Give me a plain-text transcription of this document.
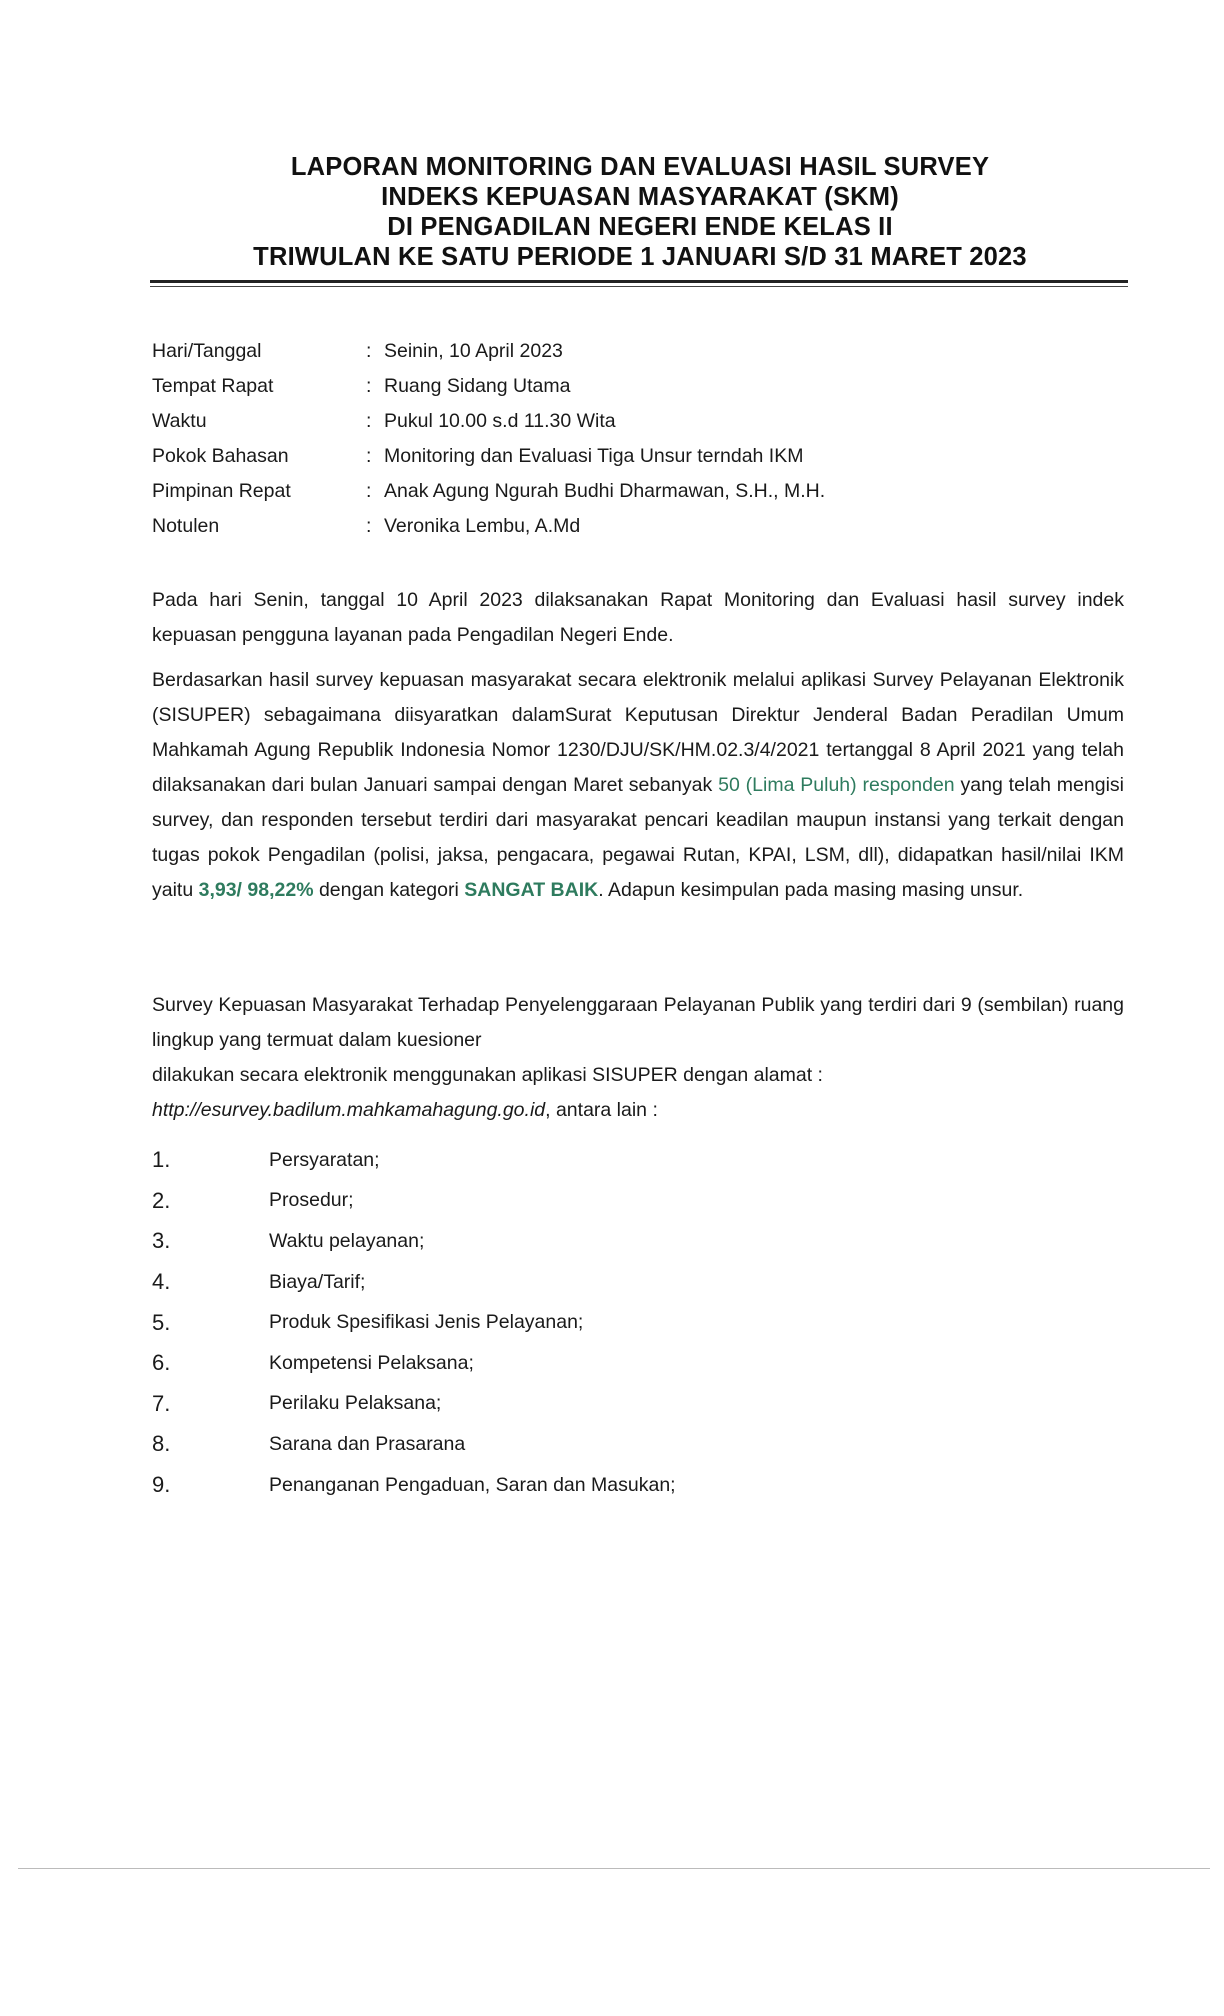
LAPORAN MONITORING DAN EVALUASI HASIL SURVEY
INDEKS KEPUASAN MASYARAKAT (SKM)
DI PENGADILAN NEGERI ENDE KELAS II
TRIWULAN KE SATU PERIODE 1 JANUARI S/D 31 MARET 2023
Hari/Tanggal	: Seinin, 10 April 2023
Tempat Rapat	: Ruang Sidang Utama
Waktu	: Pukul 10.00 s.d 11.30 Wita
Pokok Bahasan	: Monitoring dan Evaluasi Tiga Unsur terndah IKM
Pimpinan Repat	: Anak Agung Ngurah Budhi Dharmawan, S.H., M.H.
Notulen	: Veronika Lembu, A.Md
Pada hari Senin, tanggal 10 April 2023 dilaksanakan Rapat Monitoring dan Evaluasi hasil survey indek kepuasan pengguna layanan pada Pengadilan Negeri Ende.
Berdasarkan hasil survey kepuasan masyarakat secara elektronik melalui aplikasi Survey Pelayanan Elektronik (SISUPER) sebagaimana diisyaratkan dalamSurat Keputusan Direktur Jenderal Badan Peradilan Umum Mahkamah Agung Republik Indonesia Nomor 1230/DJU/SK/HM.02.3/4/2021 tertanggal 8 April 2021 yang telah dilaksanakan dari bulan Januari sampai dengan Maret sebanyak 50 (Lima Puluh) responden yang telah mengisi survey, dan responden tersebut terdiri dari masyarakat pencari keadilan maupun instansi yang terkait dengan tugas pokok Pengadilan (polisi, jaksa, pengacara, pegawai Rutan, KPAI, LSM, dll), didapatkan hasil/nilai IKM yaitu 3,93/ 98,22% dengan kategori SANGAT BAIK. Adapun kesimpulan pada masing masing unsur.
Survey Kepuasan Masyarakat Terhadap Penyelenggaraan Pelayanan Publik yang terdiri dari 9 (sembilan) ruang lingkup yang termuat dalam kuesioner
dilakukan secara elektronik menggunakan aplikasi SISUPER dengan alamat :
http://esurvey.badilum.mahkamahagung.go.id, antara lain :
1.	Persyaratan;
2.	Prosedur;
3.	Waktu pelayanan;
4.	Biaya/Tarif;
5.	Produk Spesifikasi Jenis Pelayanan;
6.	Kompetensi Pelaksana;
7.	Perilaku Pelaksana;
8.	Sarana dan Prasarana
9.	Penanganan Pengaduan, Saran dan Masukan;
